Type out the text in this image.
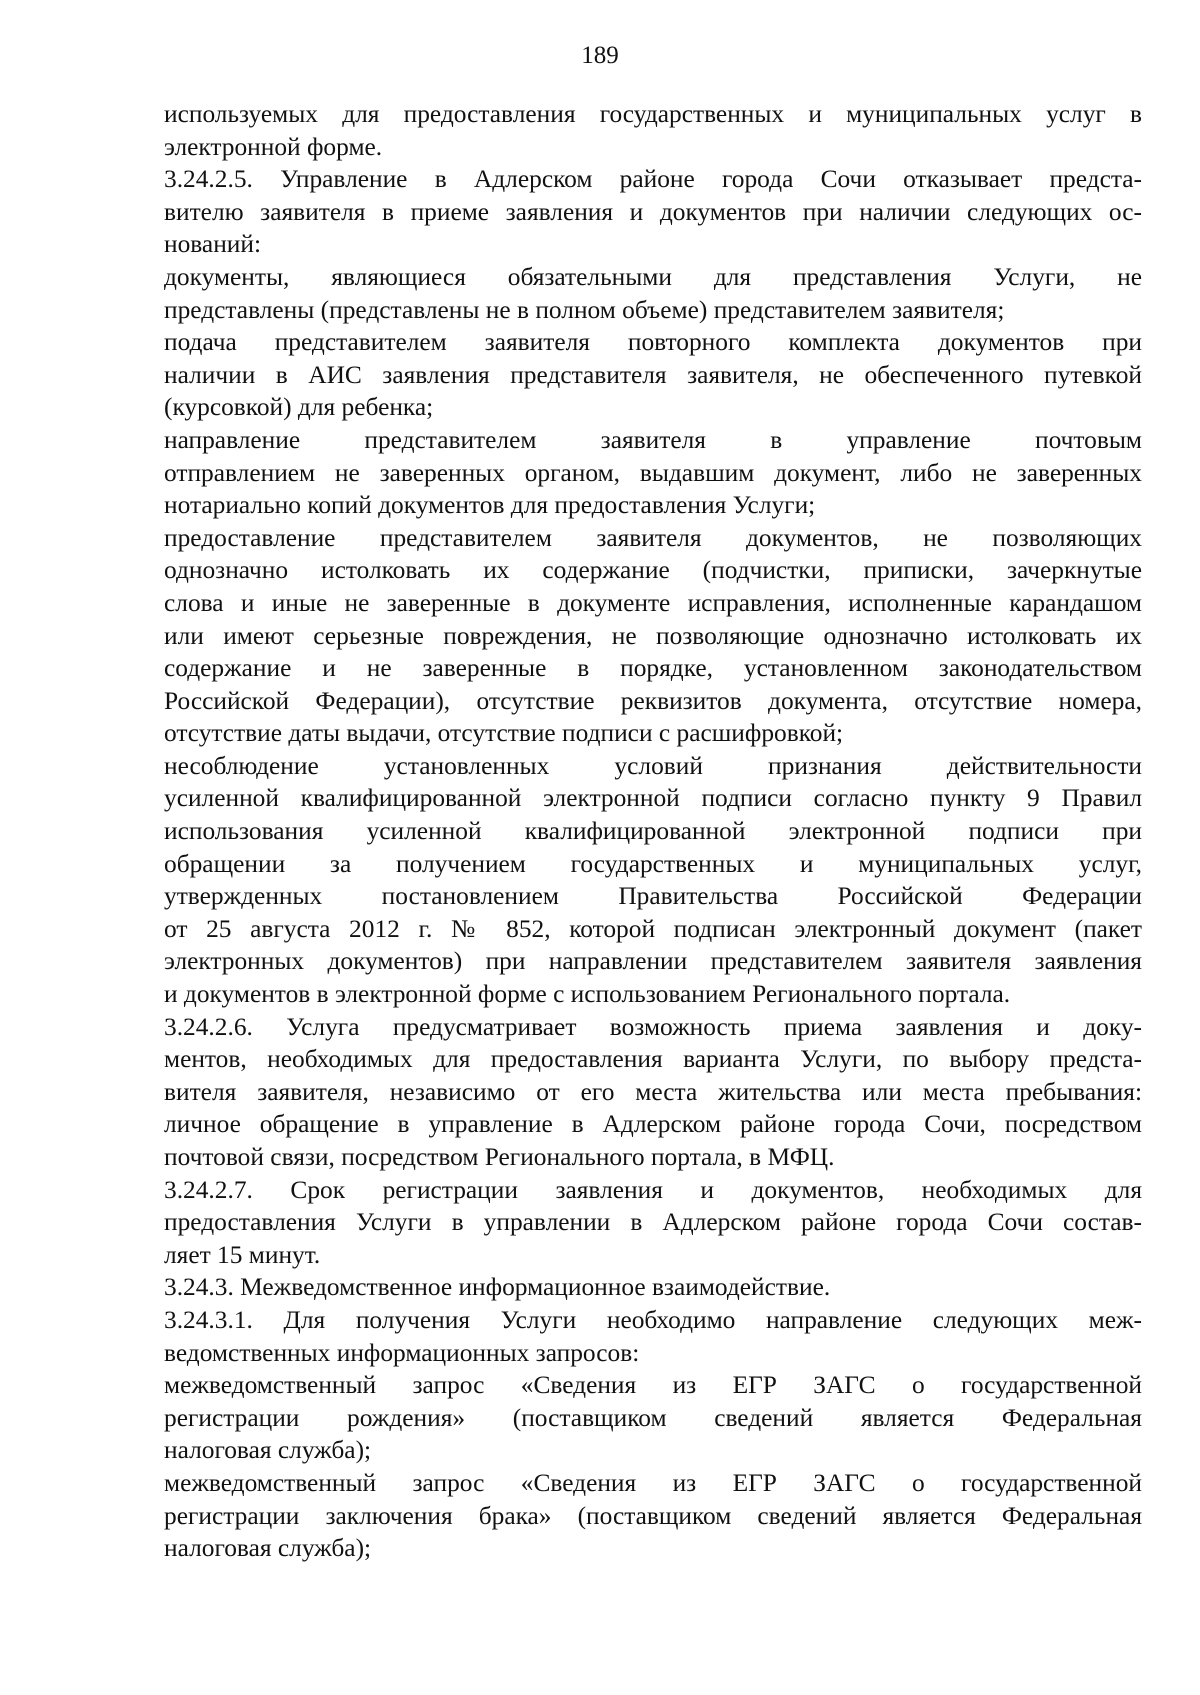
189
используемых для предоставления государственных и муниципальных услуг в
электронной форме.
3.24.2.5. Управление в Адлерском районе города Сочи отказывает предста-
вителю заявителя в приеме заявления и документов при наличии следующих ос-
нований:
документы, являющиеся обязательными для представления Услуги, не
представлены (представлены не в полном объеме) представителем заявителя;
подача представителем заявителя повторного комплекта документов при
наличии в АИС заявления представителя заявителя, не обеспеченного путевкой
(курсовкой) для ребенка;
направление представителем заявителя в управление почтовым
отправлением не заверенных органом, выдавшим документ, либо не заверенных
нотариально копий документов для предоставления Услуги;
предоставление представителем заявителя документов, не позволяющих
однозначно истолковать их содержание (подчистки, приписки, зачеркнутые
слова и иные не заверенные в документе исправления, исполненные карандашом
или имеют серьезные повреждения, не позволяющие однозначно истолковать их
содержание и не заверенные в порядке, установленном законодательством
Российской Федерации), отсутствие реквизитов документа, отсутствие номера,
отсутствие даты выдачи, отсутствие подписи с расшифровкой;
несоблюдение установленных условий признания действительности
усиленной квалифицированной электронной подписи согласно пункту 9 Правил
использования усиленной квалифицированной электронной подписи при
обращении за получением государственных и муниципальных услуг,
утвержденных постановлением Правительства Российской Федерации
от 25 августа 2012 г. № 852, которой подписан электронный документ (пакет
электронных документов) при направлении представителем заявителя заявления
и документов в электронной форме с использованием Регионального портала.
3.24.2.6. Услуга предусматривает возможность приема заявления и доку-
ментов, необходимых для предоставления варианта Услуги, по выбору предста-
вителя заявителя, независимо от его места жительства или места пребывания:
личное обращение в управление в Адлерском районе города Сочи, посредством
почтовой связи, посредством Регионального портала, в МФЦ.
3.24.2.7. Срок регистрации заявления и документов, необходимых для
предоставления Услуги в управлении в Адлерском районе города Сочи состав-
ляет 15 минут.
3.24.3. Межведомственное информационное взаимодействие.
3.24.3.1. Для получения Услуги необходимо направление следующих меж-
ведомственных информационных запросов:
межведомственный запрос «Сведения из ЕГР ЗАГС о государственной
регистрации рождения» (поставщиком сведений является Федеральная
налоговая служба);
межведомственный запрос «Сведения из ЕГР ЗАГС о государственной
регистрации заключения брака» (поставщиком сведений является Федеральная
налоговая служба);
